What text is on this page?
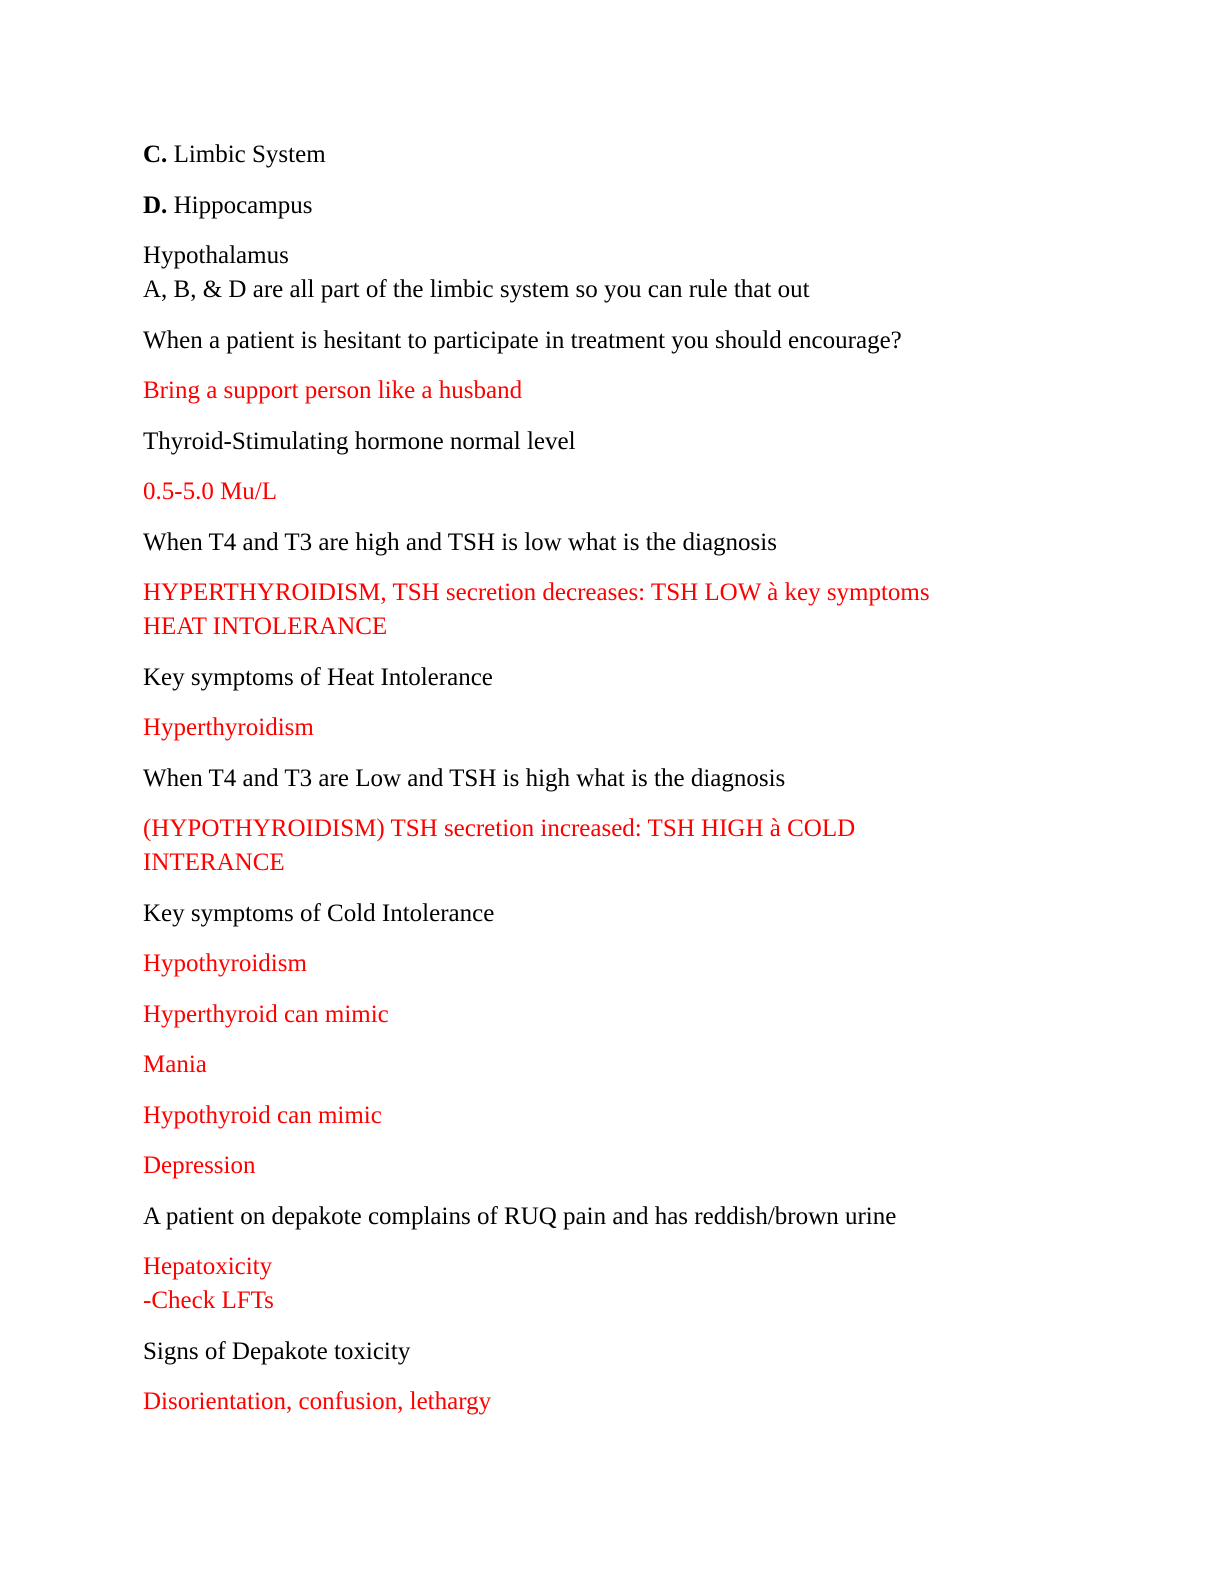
C. Limbic System
D. Hippocampus
Hypothalamus
A, B, & D are all part of the limbic system so you can rule that out
When a patient is hesitant to participate in treatment you should encourage?
Bring a support person like a husband
Thyroid-Stimulating hormone normal level
0.5-5.0 Mu/L
When T4 and T3 are high and TSH is low what is the diagnosis
HYPERTHYROIDISM, TSH secretion decreases: TSH LOW à key symptoms
HEAT INTOLERANCE
Key symptoms of Heat Intolerance
Hyperthyroidism
When T4 and T3 are Low and TSH is high what is the diagnosis
(HYPOTHYROIDISM) TSH secretion increased: TSH HIGH à COLD
INTERANCE
Key symptoms of Cold Intolerance
Hypothyroidism
Hyperthyroid can mimic
Mania
Hypothyroid can mimic
Depression
A patient on depakote complains of RUQ pain and has reddish/brown urine
Hepatoxicity
-Check LFTs
Signs of Depakote toxicity
Disorientation, confusion, lethargy
